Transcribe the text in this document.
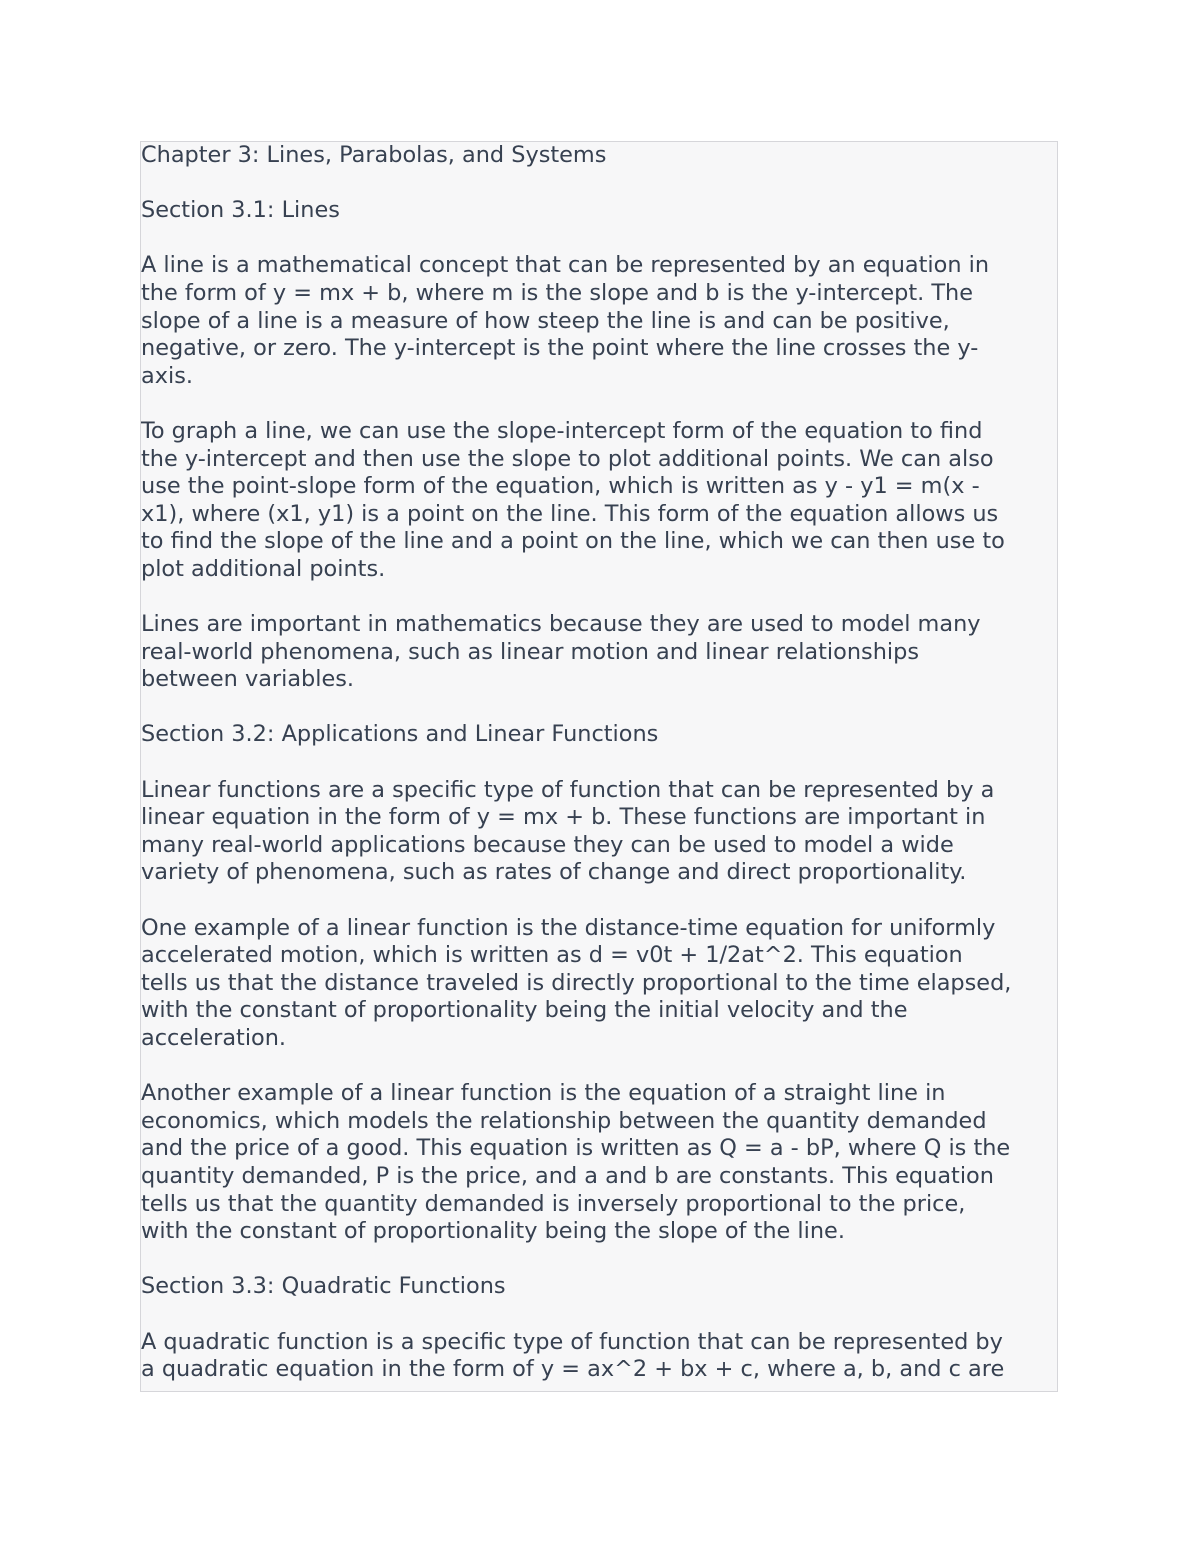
Chapter 3: Lines, Parabolas, and Systems
Section 3.1: Lines
A line is a mathematical concept that can be represented by an equation in
the form of y = mx + b, where m is the slope and b is the y-intercept. The
slope of a line is a measure of how steep the line is and can be positive,
negative, or zero. The y-intercept is the point where the line crosses the y-
axis.
To graph a line, we can use the slope-intercept form of the equation to find
the y-intercept and then use the slope to plot additional points. We can also
use the point-slope form of the equation, which is written as y - y1 = m(x -
x1), where (x1, y1) is a point on the line. This form of the equation allows us
to find the slope of the line and a point on the line, which we can then use to
plot additional points.
Lines are important in mathematics because they are used to model many
real-world phenomena, such as linear motion and linear relationships
between variables.
Section 3.2: Applications and Linear Functions
Linear functions are a specific type of function that can be represented by a
linear equation in the form of y = mx + b. These functions are important in
many real-world applications because they can be used to model a wide
variety of phenomena, such as rates of change and direct proportionality.
One example of a linear function is the distance-time equation for uniformly
accelerated motion, which is written as d = v0t + 1/2at^2. This equation
tells us that the distance traveled is directly proportional to the time elapsed,
with the constant of proportionality being the initial velocity and the
acceleration.
Another example of a linear function is the equation of a straight line in
economics, which models the relationship between the quantity demanded
and the price of a good. This equation is written as Q = a - bP, where Q is the
quantity demanded, P is the price, and a and b are constants. This equation
tells us that the quantity demanded is inversely proportional to the price,
with the constant of proportionality being the slope of the line.
Section 3.3: Quadratic Functions
A quadratic function is a specific type of function that can be represented by
a quadratic equation in the form of y = ax^2 + bx + c, where a, b, and c are
